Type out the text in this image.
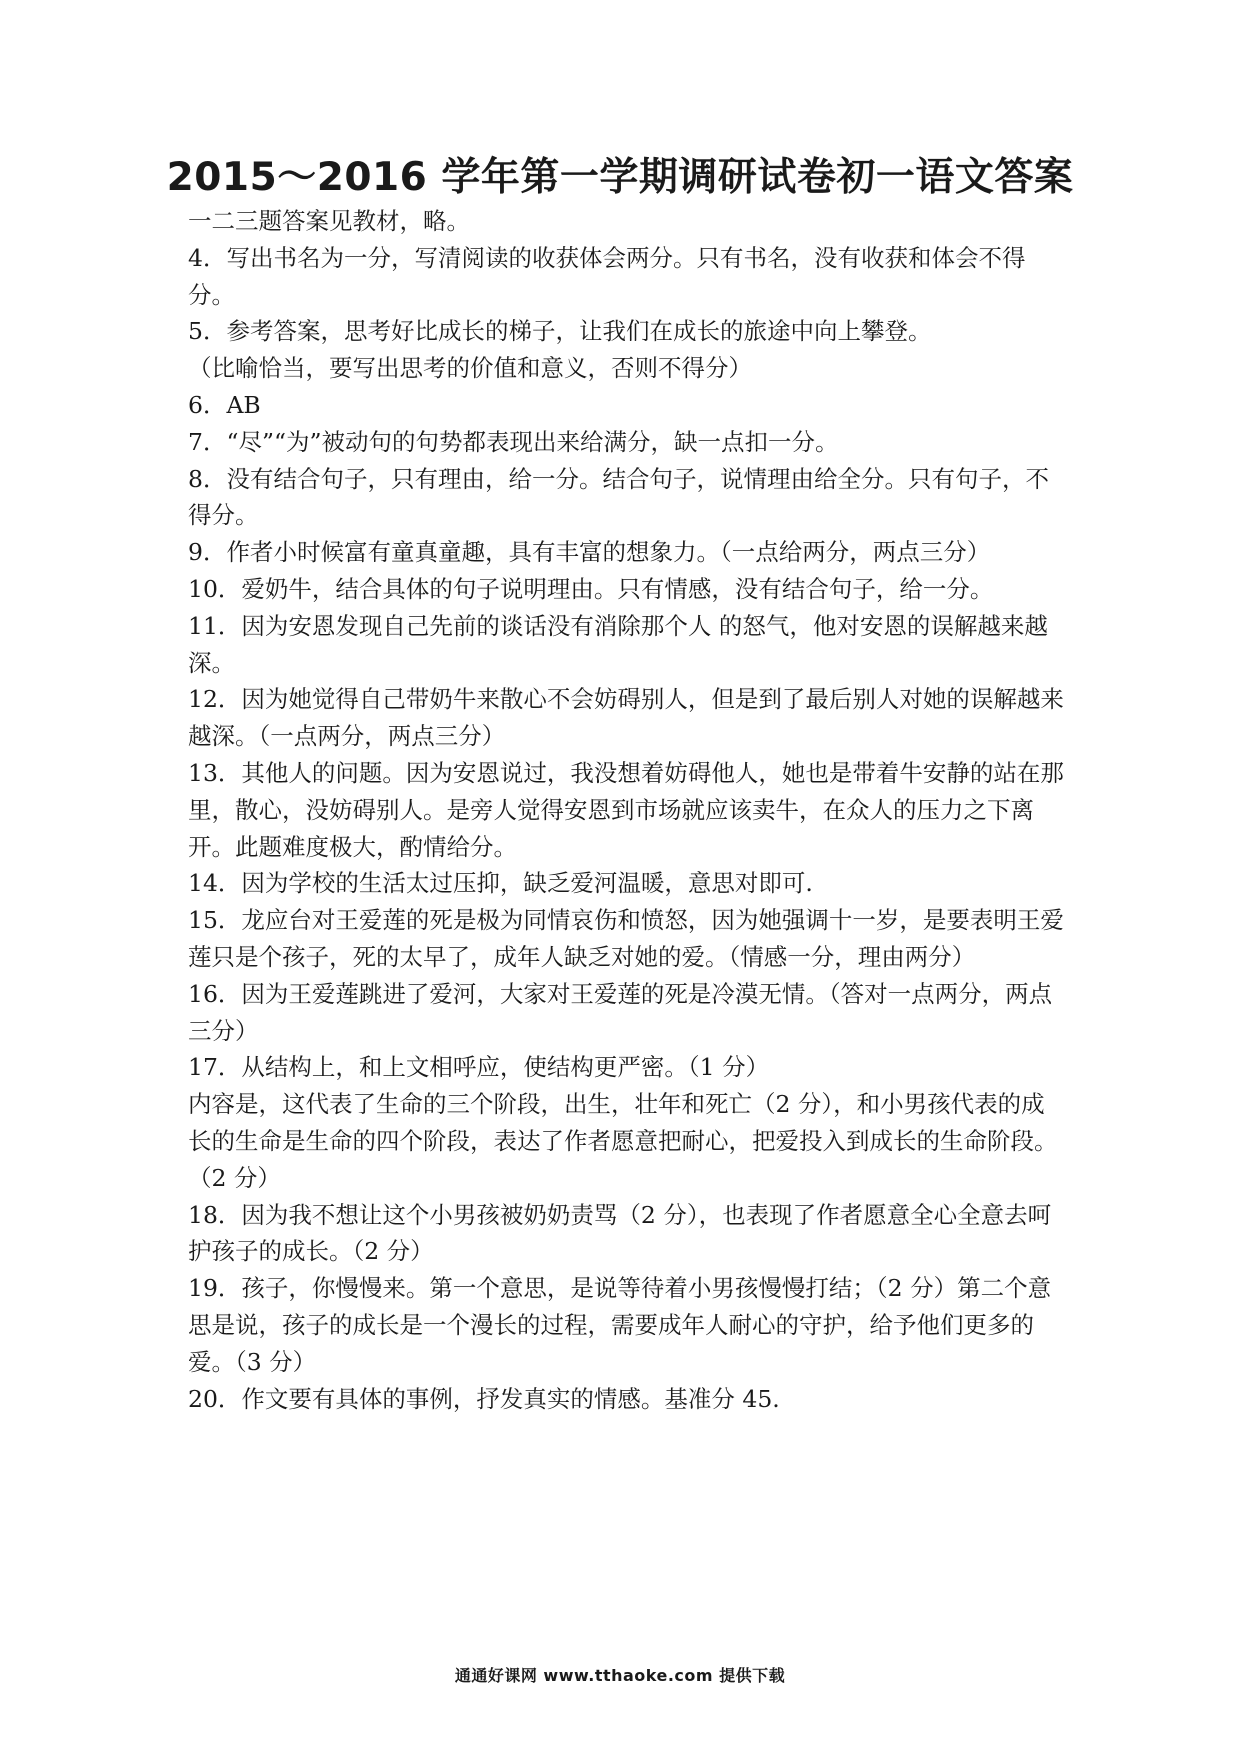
2015～2016 学年第一学期调研试卷初一语文答案

一二三题答案见教材，略。

4．写出书名为一分，写清阅读的收获体会两分。只有书名，没有收获和体会不得分。

5．参考答案，思考好比成长的梯子，让我们在成长的旅途中向上攀登。

（比喻恰当，要写出思考的价值和意义，否则不得分）

6．AB

7．“尽”“为”被动句的句势都表现出来给满分，缺一点扣一分。

8．没有结合句子，只有理由，给一分。结合句子，说情理由给全分。只有句子，不得分。

9．作者小时候富有童真童趣，具有丰富的想象力。（一点给两分，两点三分）

10．爱奶牛，结合具体的句子说明理由。只有情感，没有结合句子，给一分。

11．因为安恩发现自己先前的谈话没有消除那个人 的怒气，他对安恩的误解越来越深。

12．因为她觉得自己带奶牛来散心不会妨碍别人，但是到了最后别人对她的误解越来越深。（一点两分，两点三分）

13．其他人的问题。因为安恩说过，我没想着妨碍他人，她也是带着牛安静的站在那里，散心，没妨碍别人。是旁人觉得安恩到市场就应该卖牛，在众人的压力之下离开。此题难度极大，酌情给分。

14．因为学校的生活太过压抑，缺乏爱河温暖，意思对即可.

15．龙应台对王爱莲的死是极为同情哀伤和愤怒，因为她强调十一岁，是要表明王爱莲只是个孩子，死的太早了，成年人缺乏对她的爱。（情感一分，理由两分）

16．因为王爱莲跳进了爱河，大家对王爱莲的死是冷漠无情。（答对一点两分，两点三分）

17．从结构上，和上文相呼应，使结构更严密。（1 分）

内容是，这代表了生命的三个阶段，出生，壮年和死亡（2 分），和小男孩代表的成长的生命是生命的四个阶段，表达了作者愿意把耐心，把爱投入到成长的生命阶段。（2 分）

18．因为我不想让这个小男孩被奶奶责骂（2 分），也表现了作者愿意全心全意去呵护孩子的成长。（2 分）

19．孩子，你慢慢来。第一个意思，是说等待着小男孩慢慢打结；（2 分）第二个意思是说，孩子的成长是一个漫长的过程，需要成年人耐心的守护，给予他们更多的爱。（3 分）

20．作文要有具体的事例，抒发真实的情感。基准分 45.

通通好课网 www.tthaoke.com 提供下载
